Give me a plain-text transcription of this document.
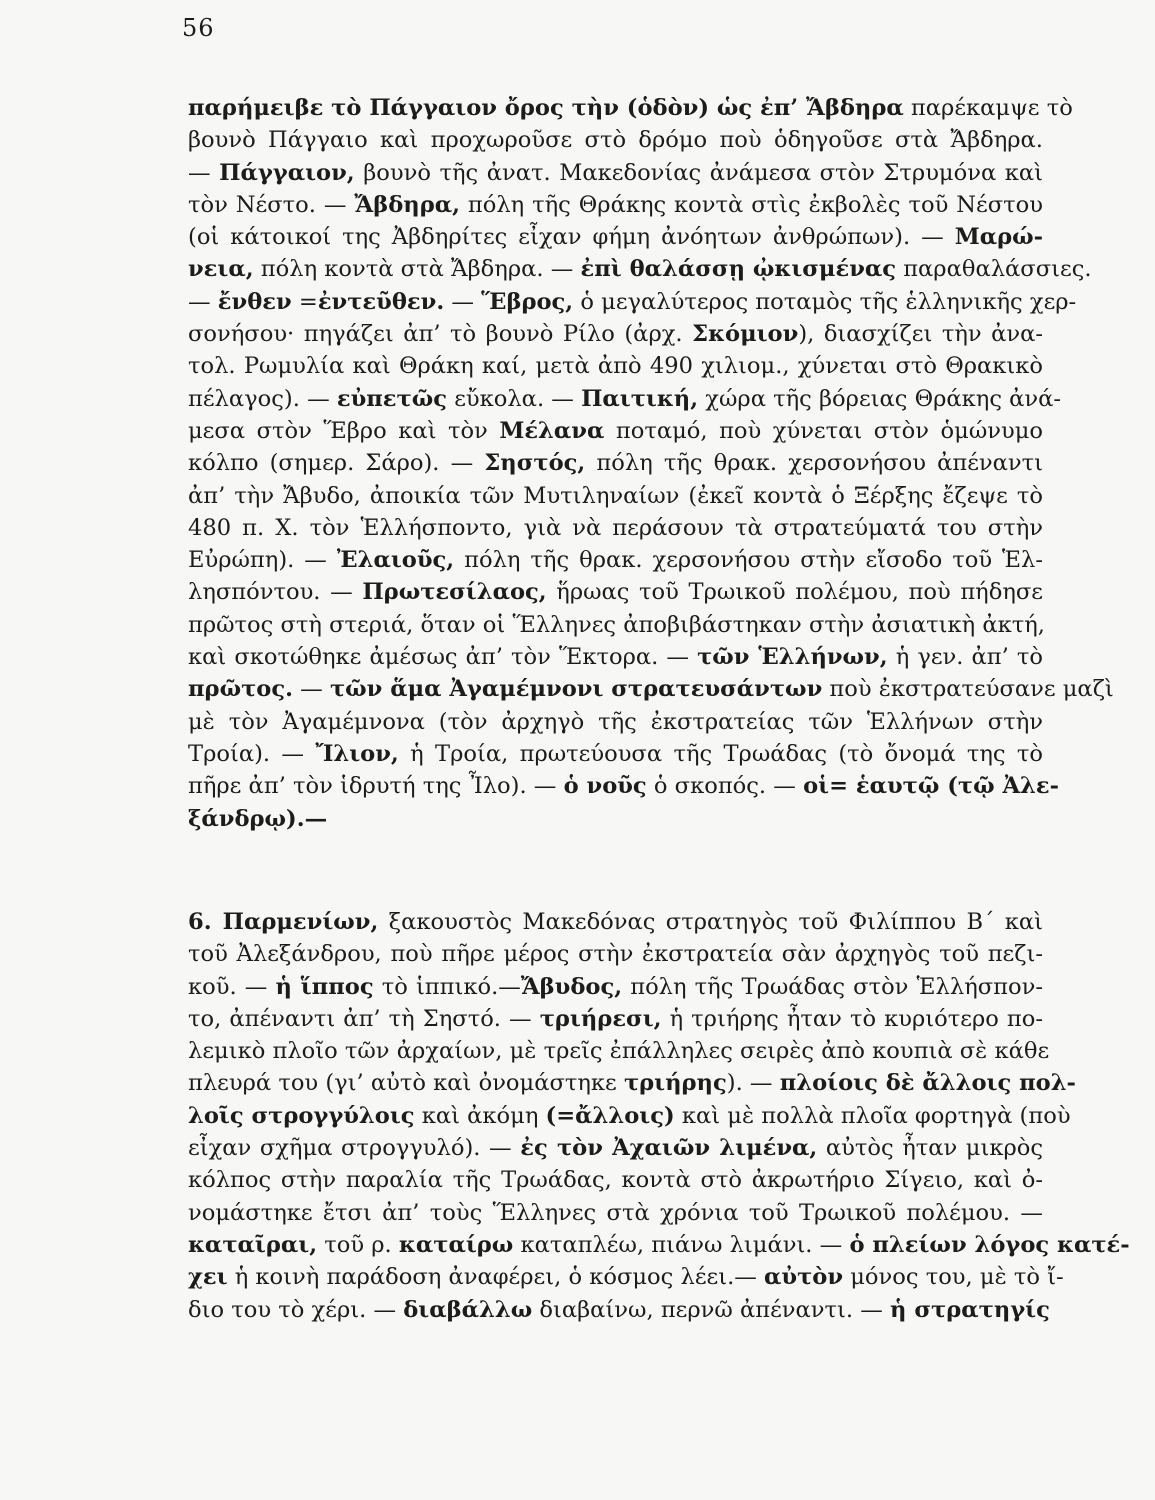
56
παρήμειβε τὸ Πάγγαιον ὄρος τὴν (ὁδὸν) ὡς ἐπ’ Ἄβδηρα παρέκαμψε τὸ
βουνὸ Πάγγαιο καὶ προχωροῦσε στὸ δρόμο ποὺ ὁδηγοῦσε στὰ Ἄβδηρα.
— Πάγγαιον, βουνὸ τῆς ἀνατ. Μακεδονίας ἀνάμεσα στὸν Στρυμόνα καὶ
τὸν Νέστο. — Ἄβδηρα, πόλη τῆς Θράκης κοντὰ στὶς ἐκβολὲς τοῦ Νέστου
(οἱ κάτοικοί της Ἀβδηρίτες εἶχαν φήμη ἀνόητων ἀνθρώπων). — Μαρώ-
νεια, πόλη κοντὰ στὰ Ἄβδηρα. — ἐπὶ θαλάσσῃ ᾠκισμένας παραθαλάσσιες.
— ἔνθεν =ἐντεῦθεν. — Ἕβρος, ὁ μεγαλύτερος ποταμὸς τῆς ἑλληνικῆς χερ-
σονήσου· πηγάζει ἀπ’ τὸ βουνὸ Ρίλο (ἀρχ. Σκόμιον), διασχίζει τὴν ἀνα-
τολ. Ρωμυλία καὶ Θράκη καί, μετὰ ἀπὸ 490 χιλιομ., χύνεται στὸ Θρακικὸ
πέλαγος). — εὐπετῶς εὔκολα. — Παιτική, χώρα τῆς βόρειας Θράκης ἀνά-
μεσα στὸν Ἕβρο καὶ τὸν Μέλανα ποταμό, ποὺ χύνεται στὸν ὁμώνυμο
κόλπο (σημερ. Σάρο). — Σηστός, πόλη τῆς θρακ. χερσονήσου ἀπέναντι
ἀπ’ τὴν Ἄβυδο, ἀποικία τῶν Μυτιληναίων (ἐκεῖ κοντὰ ὁ Ξέρξης ἔζεψε τὸ
480 π. Χ. τὸν Ἑλλήσποντο, γιὰ νὰ περάσουν τὰ στρατεύματά του στὴν
Εὐρώπη). — Ἐλαιοῦς, πόλη τῆς θρακ. χερσονήσου στὴν εἴσοδο τοῦ Ἑλ-
λησπόντου. — Πρωτεσίλαος, ἥρωας τοῦ Τρωικοῦ πολέμου, ποὺ πήδησε
πρῶτος στὴ στεριά, ὅταν οἱ Ἕλληνες ἀποβιβάστηκαν στὴν ἀσιατικὴ ἀκτή,
καὶ σκοτώθηκε ἀμέσως ἀπ’ τὸν Ἕκτορα. — τῶν Ἑλλήνων, ἡ γεν. ἀπ’ τὸ
πρῶτος. — τῶν ἅμα Ἀγαμέμνονι στρατευσάντων ποὺ ἐκστρατεύσανε μαζὶ
μὲ τὸν Ἀγαμέμνονα (τὸν ἀρχηγὸ τῆς ἐκστρατείας τῶν Ἑλλήνων στὴν
Τροία). — Ἴλιον, ἡ Τροία, πρωτεύουσα τῆς Τρωάδας (τὸ ὄνομά της τὸ
πῆρε ἀπ’ τὸν ἱδρυτή της Ἶλο). — ὁ νοῦς ὁ σκοπός. — οἱ= ἑαυτῷ (τῷ Ἀλε-
ξάνδρῳ).—
6. Παρμενίων, ξακουστὸς Μακεδόνας στρατηγὸς τοῦ Φιλίππου Β΄ καὶ
τοῦ Ἀλεξάνδρου, ποὺ πῆρε μέρος στὴν ἐκστρατεία σὰν ἀρχηγὸς τοῦ πεζι-
κοῦ. — ἡ ἵππος τὸ ἱππικό.—Ἄβυδος, πόλη τῆς Τρωάδας στὸν Ἑλλήσπον-
το, ἀπέναντι ἀπ’ τὴ Σηστό. — τριήρεσι, ἡ τριήρης ἦταν τὸ κυριότερο πο-
λεμικὸ πλοῖο τῶν ἀρχαίων, μὲ τρεῖς ἐπάλληλες σειρὲς ἀπὸ κουπιὰ σὲ κάθε
πλευρά του (γι’ αὐτὸ καὶ ὀνομάστηκε τριήρης). — πλοίοις δὲ ἄλλοις πολ-
λοῖς στρογγύλοις καὶ ἀκόμη (=ἄλλοις) καὶ μὲ πολλὰ πλοῖα φορτηγὰ (ποὺ
εἶχαν σχῆμα στρογγυλό). — ἐς τὸν Ἀχαιῶν λιμένα, αὐτὸς ἦταν μικρὸς
κόλπος στὴν παραλία τῆς Τρωάδας, κοντὰ στὸ ἀκρωτήριο Σίγειο, καὶ ὀ-
νομάστηκε ἔτσι ἀπ’ τοὺς Ἕλληνες στὰ χρόνια τοῦ Τρωικοῦ πολέμου. —
καταῖραι, τοῦ ρ. καταίρω καταπλέω, πιάνω λιμάνι. — ὁ πλείων λόγος κατέ-
χει ἡ κοινὴ παράδοση ἀναφέρει, ὁ κόσμος λέει.— αὐτὸν μόνος του, μὲ τὸ ἴ-
διο του τὸ χέρι. — διαβάλλω διαβαίνω, περνῶ ἀπέναντι. — ἡ στρατηγίς
